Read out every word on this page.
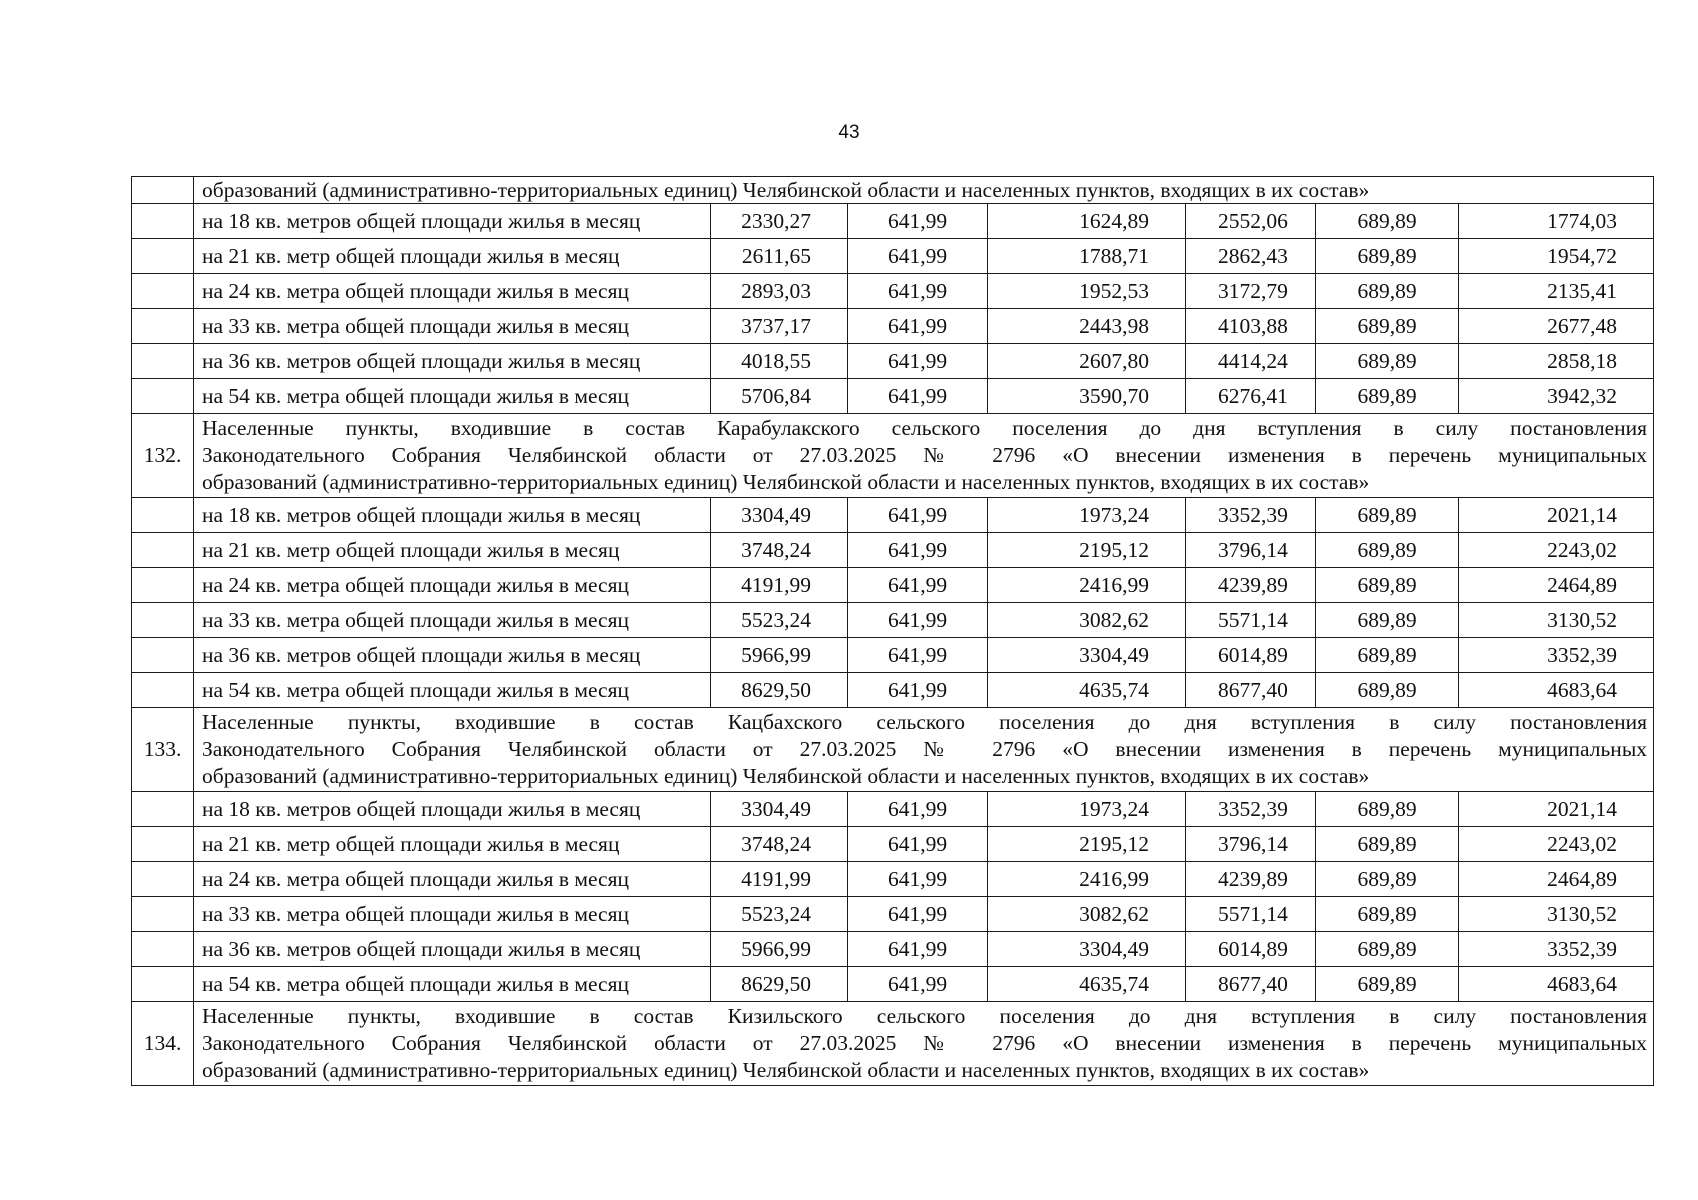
43
	образований (административно-территориальных единиц) Челябинской области и населенных пунктов, входящих в их состав»						
	на 18 кв. метров общей площади жилья в месяц	2330,27	641,99	1624,89	2552,06	689,89	1774,03
	на 21 кв. метр общей площади жилья в месяц	2611,65	641,99	1788,71	2862,43	689,89	1954,72
	на 24 кв. метра общей площади жилья в месяц	2893,03	641,99	1952,53	3172,79	689,89	2135,41
	на 33 кв. метра общей площади жилья в месяц	3737,17	641,99	2443,98	4103,88	689,89	2677,48
	на 36 кв. метров общей площади жилья в месяц	4018,55	641,99	2607,80	4414,24	689,89	2858,18
	на 54 кв. метра общей площади жилья в месяц	5706,84	641,99	3590,70	6276,41	689,89	3942,32
132.	Населенные пункты, входившие в состав Карабулакского сельского поселения до дня вступления в силу постановления
Законодательного Собрания Челябинской области от 27.03.2025 № 2796 «О внесении изменения в перечень муниципальных
образований (административно-территориальных единиц) Челябинской области и населенных пунктов, входящих в их состав»						

	на 18 кв. метров общей площади жилья в месяц	3304,49	641,99	1973,24	3352,39	689,89	2021,14
	на 21 кв. метр общей площади жилья в месяц	3748,24	641,99	2195,12	3796,14	689,89	2243,02
	на 24 кв. метра общей площади жилья в месяц	4191,99	641,99	2416,99	4239,89	689,89	2464,89
	на 33 кв. метра общей площади жилья в месяц	5523,24	641,99	3082,62	5571,14	689,89	3130,52
	на 36 кв. метров общей площади жилья в месяц	5966,99	641,99	3304,49	6014,89	689,89	3352,39
	на 54 кв. метра общей площади жилья в месяц	8629,50	641,99	4635,74	8677,40	689,89	4683,64
133.	Населенные пункты, входившие в состав Кацбахского сельского поселения до дня вступления в силу постановления
Законодательного Собрания Челябинской области от 27.03.2025 № 2796 «О внесении изменения в перечень муниципальных
образований (административно-территориальных единиц) Челябинской области и населенных пунктов, входящих в их состав»						

	на 18 кв. метров общей площади жилья в месяц	3304,49	641,99	1973,24	3352,39	689,89	2021,14
	на 21 кв. метр общей площади жилья в месяц	3748,24	641,99	2195,12	3796,14	689,89	2243,02
	на 24 кв. метра общей площади жилья в месяц	4191,99	641,99	2416,99	4239,89	689,89	2464,89
	на 33 кв. метра общей площади жилья в месяц	5523,24	641,99	3082,62	5571,14	689,89	3130,52
	на 36 кв. метров общей площади жилья в месяц	5966,99	641,99	3304,49	6014,89	689,89	3352,39
	на 54 кв. метра общей площади жилья в месяц	8629,50	641,99	4635,74	8677,40	689,89	4683,64
134.	Населенные пункты, входившие в состав Кизильского сельского поселения до дня вступления в силу постановления
Законодательного Собрания Челябинской области от 27.03.2025 № 2796 «О внесении изменения в перечень муниципальных
образований (административно-территориальных единиц) Челябинской области и населенных пунктов, входящих в их состав»						
